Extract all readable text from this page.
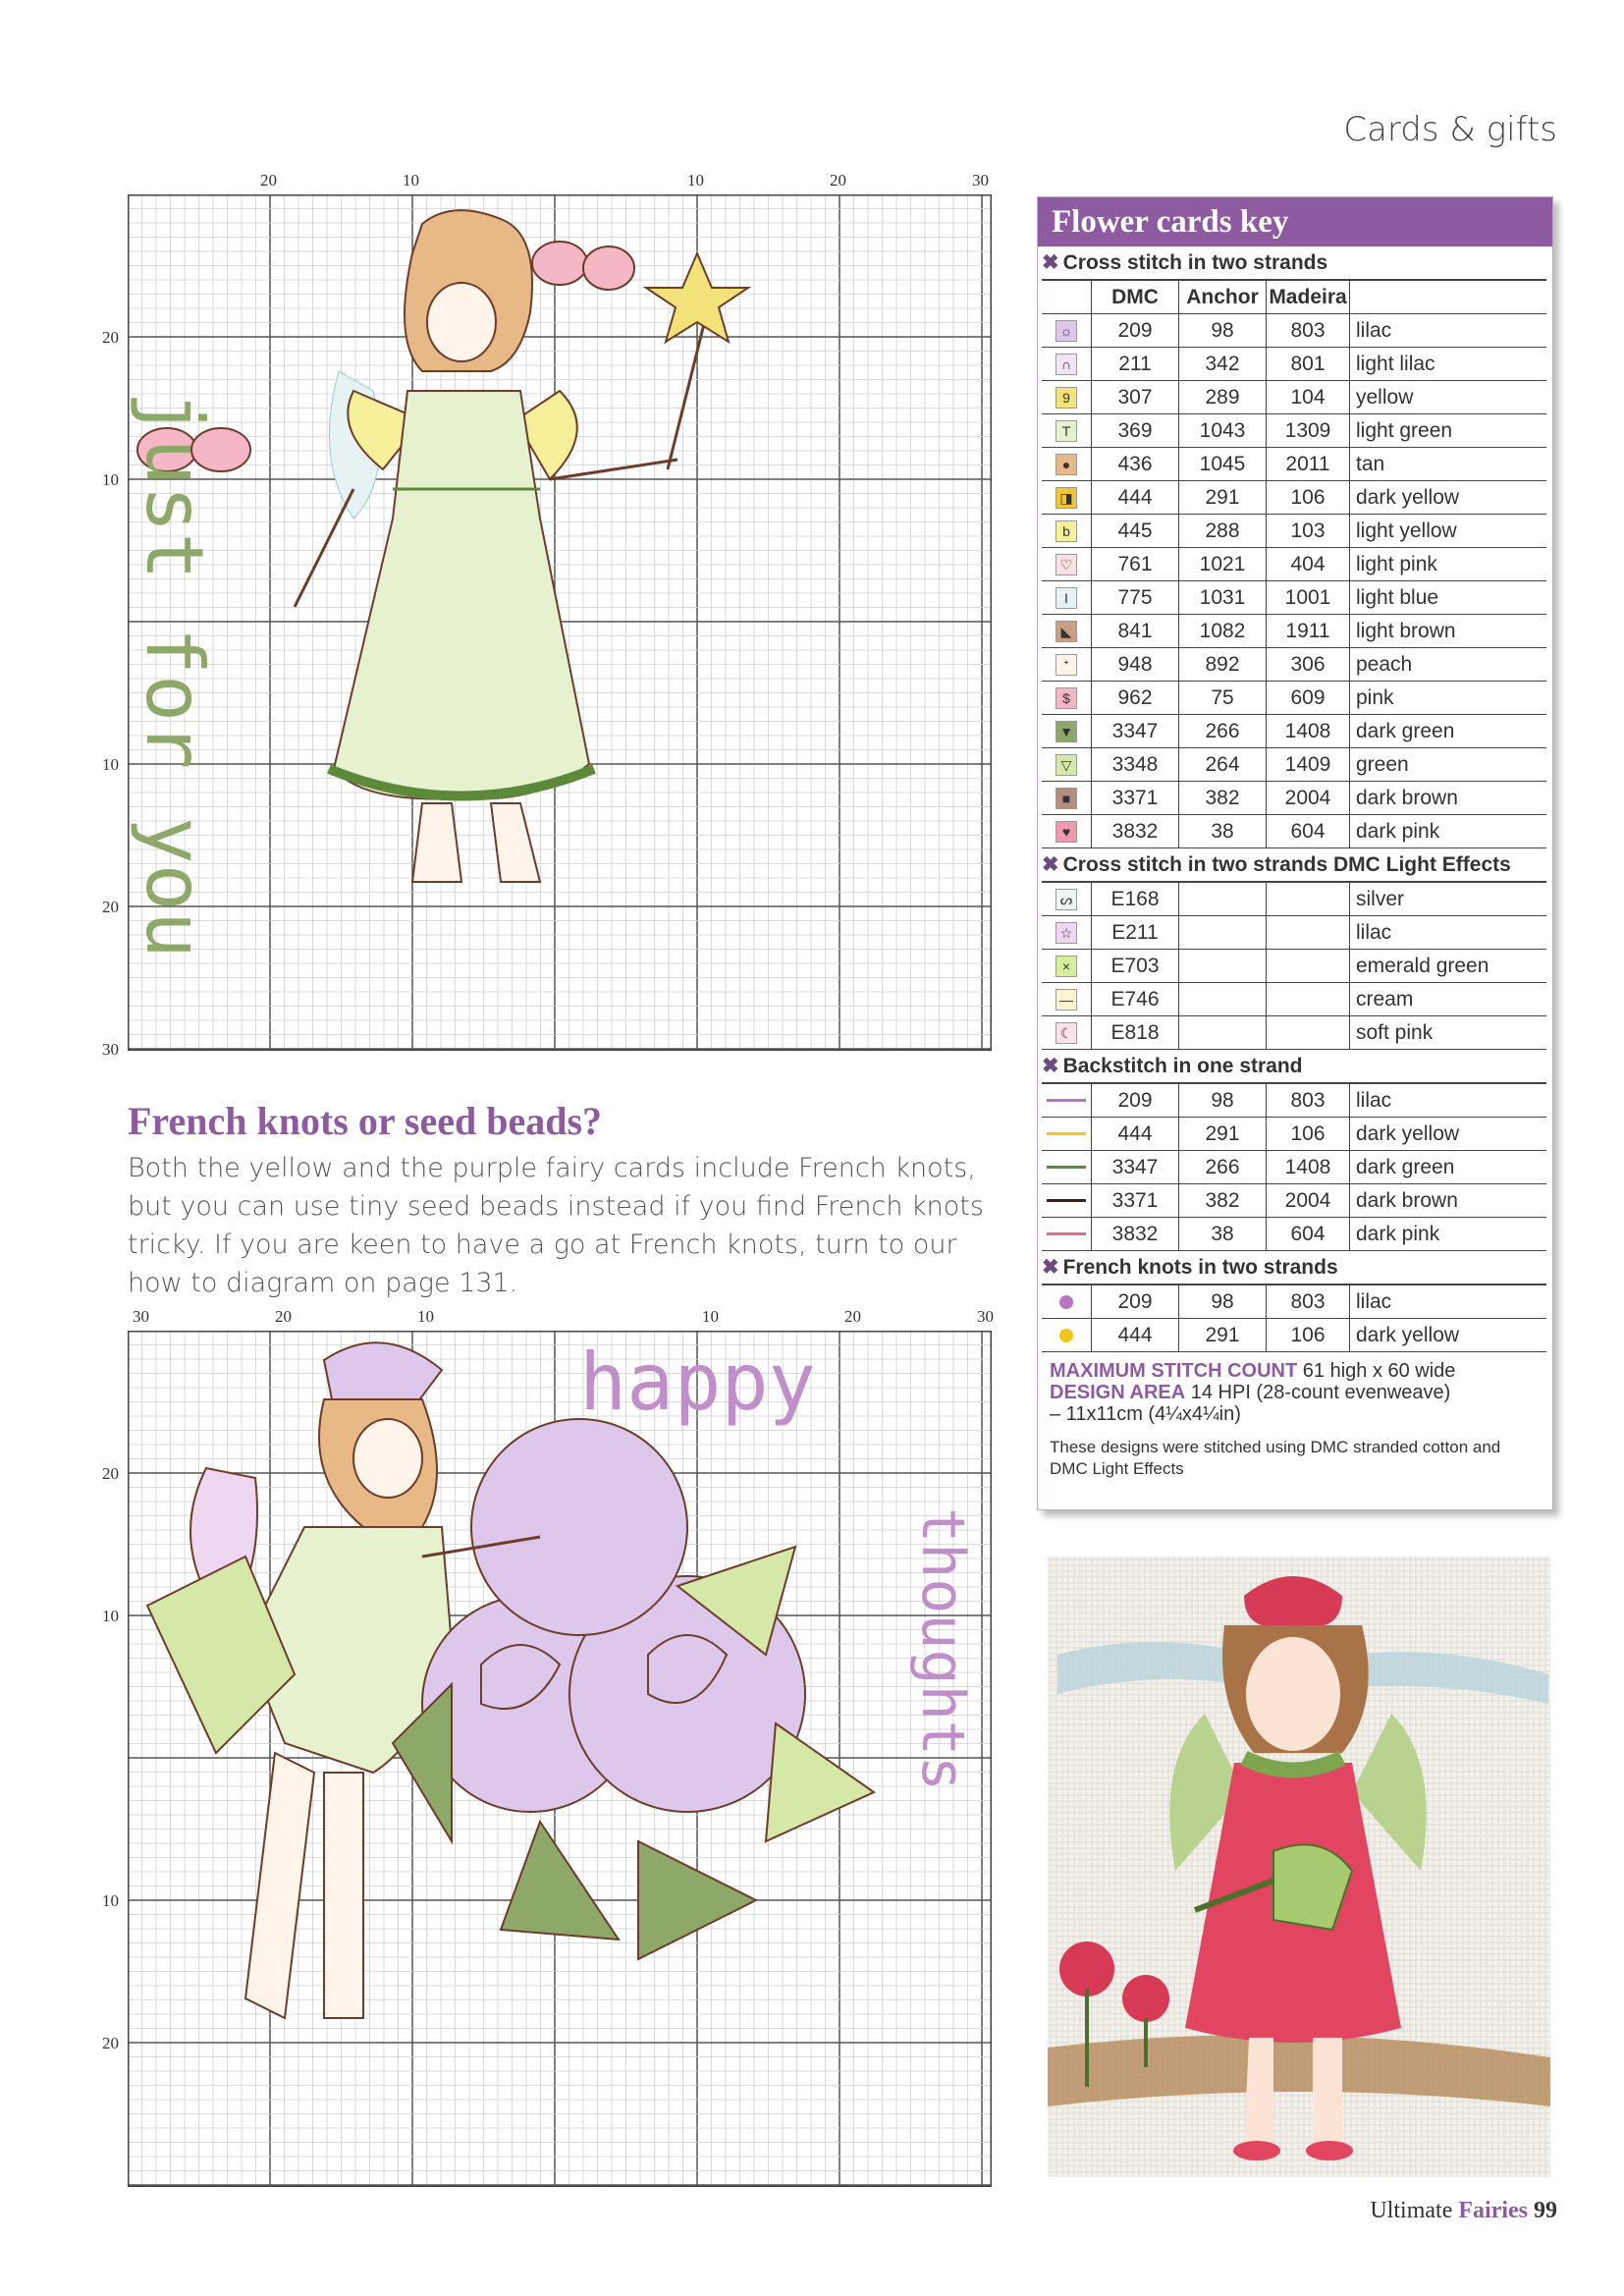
Cards & gifts
just for you
20	10	10	20	30
20
10
10
20
30
French knots or seed beads?
Both the yellow and the purple fairy cards include French knots, but you can use tiny seed beads instead if you find French knots tricky. If you are keen to have a go at French knots, turn to our how to diagram on page 131.
happy
thoughts
30	20	10	10	20	30
20
10
10
20
Flower cards key
✖ Cross stitch in two strands				
	DMC	Anchor	Madeira	
☼	209	98	803	lilac
∩	211	342	801	light lilac
9	307	289	104	yellow
T	369	1043	1309	light green
●	436	1045	2011	tan
◨	444	291	106	dark yellow
b	445	288	103	light yellow
♡	761	1021	404	light pink
I	775	1031	1001	light blue
◣	841	1082	1911	light brown
ᐩ	948	892	306	peach
$	962	75	609	pink
▼	3347	266	1408	dark green
▽	3348	264	1409	green
■	3371	382	2004	dark brown
♥	3832	38	604	dark pink
✖ Cross stitch in two strands DMC Light Effects				
ᔕ	E168			silver
☆	E211			lilac
×	E703			emerald green
—	E746			cream
☾	E818			soft pink
✖ Backstitch in one strand				
	209	98	803	lilac
	444	291	106	dark yellow
	3347	266	1408	dark green
	3371	382	2004	dark brown
	3832	38	604	dark pink
✖ French knots in two strands				
	209	98	803	lilac
	444	291	106	dark yellow
MAXIMUM STITCH COUNT 61 high x 60 wide
DESIGN AREA 14 HPI (28-count evenweave)
– 11x11cm (4¼x4¼in)
These designs were stitched using DMC stranded cotton and DMC Light Effects
Ultimate Fairies 99
